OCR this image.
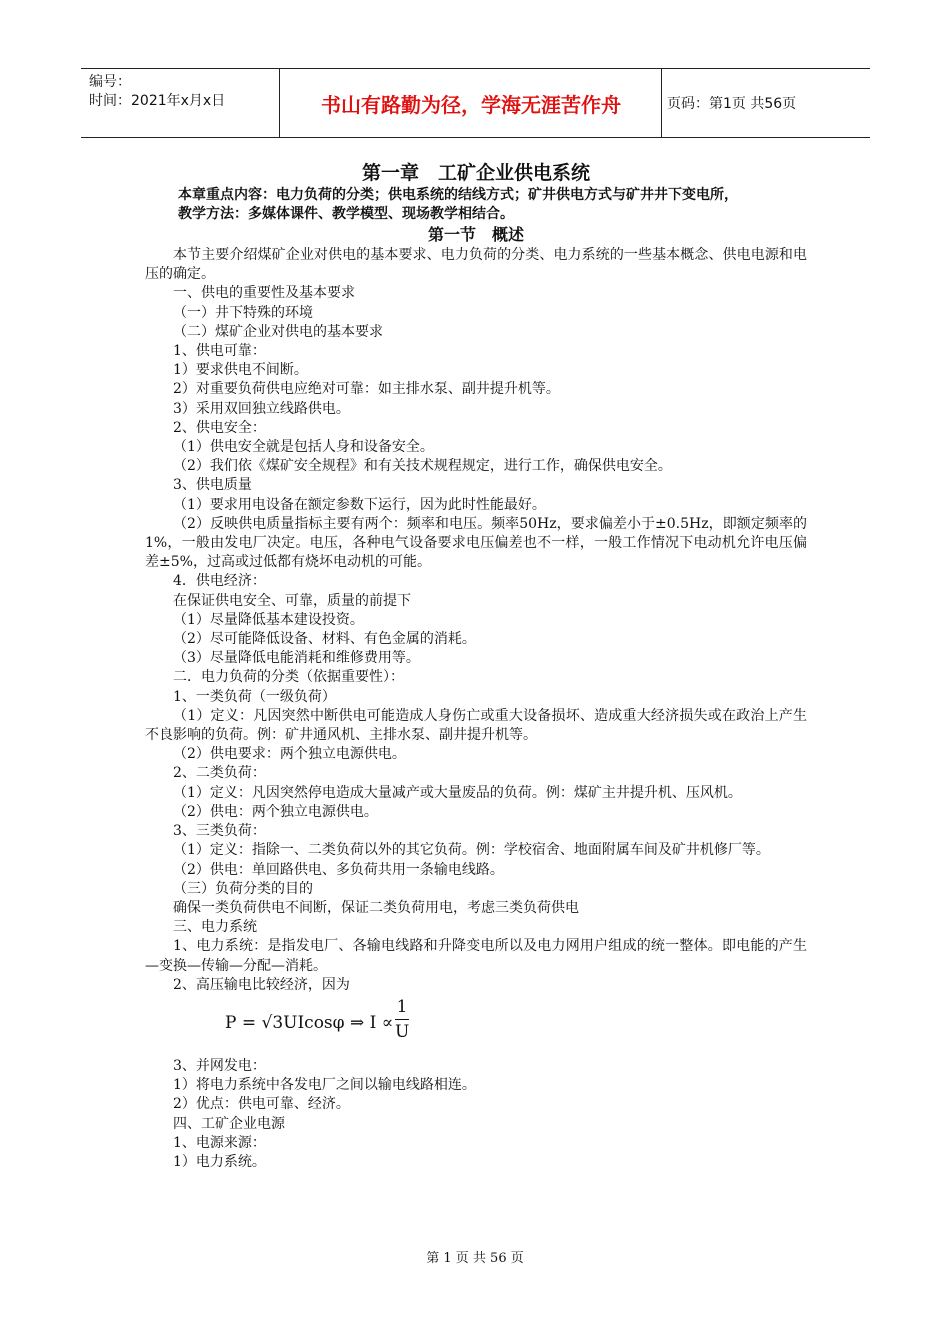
编号：
时间：2021年x月x日	书山有路勤为径，学海无涯苦作舟	页码：第1页 共56页
第一章　工矿企业供电系统
本章重点内容：电力负荷的分类；供电系统的结线方式；矿井供电方式与矿井井下变电所，
教学方法：多媒体课件、教学模型、现场教学相结合。
第一节　概述
本节主要介绍煤矿企业对供电的基本要求、电力负荷的分类、电力系统的一些基本概念、供电电源和电压的确定。
一、供电的重要性及基本要求
（一）井下特殊的环境
（二）煤矿企业对供电的基本要求
1、供电可靠：
1）要求供电不间断。
2）对重要负荷供电应绝对可靠：如主排水泵、副井提升机等。
3）采用双回独立线路供电。
2、供电安全：
（1）供电安全就是包括人身和设备安全。
（2）我们依《煤矿安全规程》和有关技术规程规定，进行工作，确保供电安全。
3、供电质量
（1）要求用电设备在额定参数下运行，因为此时性能最好。
（2）反映供电质量指标主要有两个：频率和电压。频率50Hz，要求偏差小于±0.5Hz，即额定频率的1%，一般由发电厂决定。电压，各种电气设备要求电压偏差也不一样，一般工作情况下电动机允许电压偏差±5%，过高或过低都有烧坏电动机的可能。
4．供电经济：
在保证供电安全、可靠，质量的前提下
（1）尽量降低基本建设投资。
（2）尽可能降低设备、材料、有色金属的消耗。
（3）尽量降低电能消耗和维修费用等。
二．电力负荷的分类（依据重要性）：
1、一类负荷（一级负荷）
（1）定义：凡因突然中断供电可能造成人身伤亡或重大设备损坏、造成重大经济损失或在政治上产生不良影响的负荷。例：矿井通风机、主排水泵、副井提升机等。
（2）供电要求：两个独立电源供电。
2、二类负荷：
（1）定义：凡因突然停电造成大量减产或大量废品的负荷。例：煤矿主井提升机、压风机。
（2）供电：两个独立电源供电。
3、三类负荷：
（1）定义：指除一、二类负荷以外的其它负荷。例：学校宿舍、地面附属车间及矿井机修厂等。
（2）供电：单回路供电、多负荷共用一条输电线路。
（三）负荷分类的目的
确保一类负荷供电不间断，保证二类负荷用电，考虑三类负荷供电
三、电力系统
1、电力系统：是指发电厂、各输电线路和升降变电所以及电力网用户组成的统一整体。即电能的产生—变换—传输—分配—消耗。
2、高压输电比较经济，因为
P = √3UIcosφ ⇒ I ∝
1
U
3、并网发电：
1）将电力系统中各发电厂之间以输电线路相连。
2）优点：供电可靠、经济。
四、工矿企业电源
1、电源来源：
1）电力系统。
第 1 页 共 56 页
